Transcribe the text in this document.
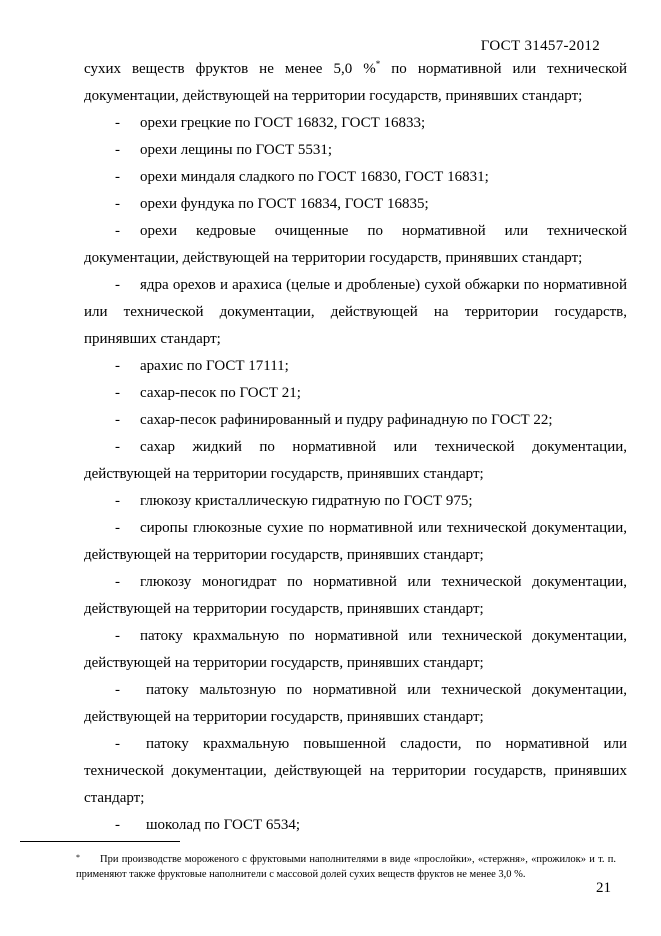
ГОСТ 31457-2012

сухих веществ фруктов не менее 5,0 %* по нормативной или технической документации, действующей на территории государств, принявших стандарт;

- орехи грецкие по ГОСТ 16832, ГОСТ 16833;

- орехи лещины по ГОСТ 5531;

- орехи миндаля сладкого по ГОСТ 16830, ГОСТ 16831;

- орехи фундука по ГОСТ 16834, ГОСТ 16835;

- орехи кедровые очищенные по нормативной или технической документации, действующей на территории государств, принявших стандарт;

- ядра орехов и арахиса (целые и дробленые) сухой обжарки по нормативной или технической документации, действующей на территории государств, принявших стандарт;

- арахис по ГОСТ 17111;

- сахар-песок по ГОСТ 21;

- сахар-песок рафинированный и пудру рафинадную по ГОСТ 22;

- сахар жидкий по нормативной или технической документации, действующей на территории государств, принявших стандарт;

- глюкозу кристаллическую гидратную по ГОСТ 975;

- сиропы глюкозные сухие по нормативной или технической документации, действующей на территории государств, принявших стандарт;

- глюкозу моногидрат по нормативной или технической документации, действующей на территории государств, принявших стандарт;

- патоку крахмальную по нормативной или технической документации, действующей на территории государств, принявших стандарт;

- патоку мальтозную по нормативной или технической документации, действующей на территории государств, принявших стандарт;

- патоку крахмальную повышенной сладости, по нормативной или технической документации, действующей на территории государств, принявших стандарт;

- шоколад по ГОСТ 6534;

* При производстве мороженого с фруктовыми наполнителями в виде «прослойки», «стержня», «прожилок» и т. п. применяют также фруктовые наполнители с массовой долей сухих веществ фруктов не менее 3,0 %.
21
